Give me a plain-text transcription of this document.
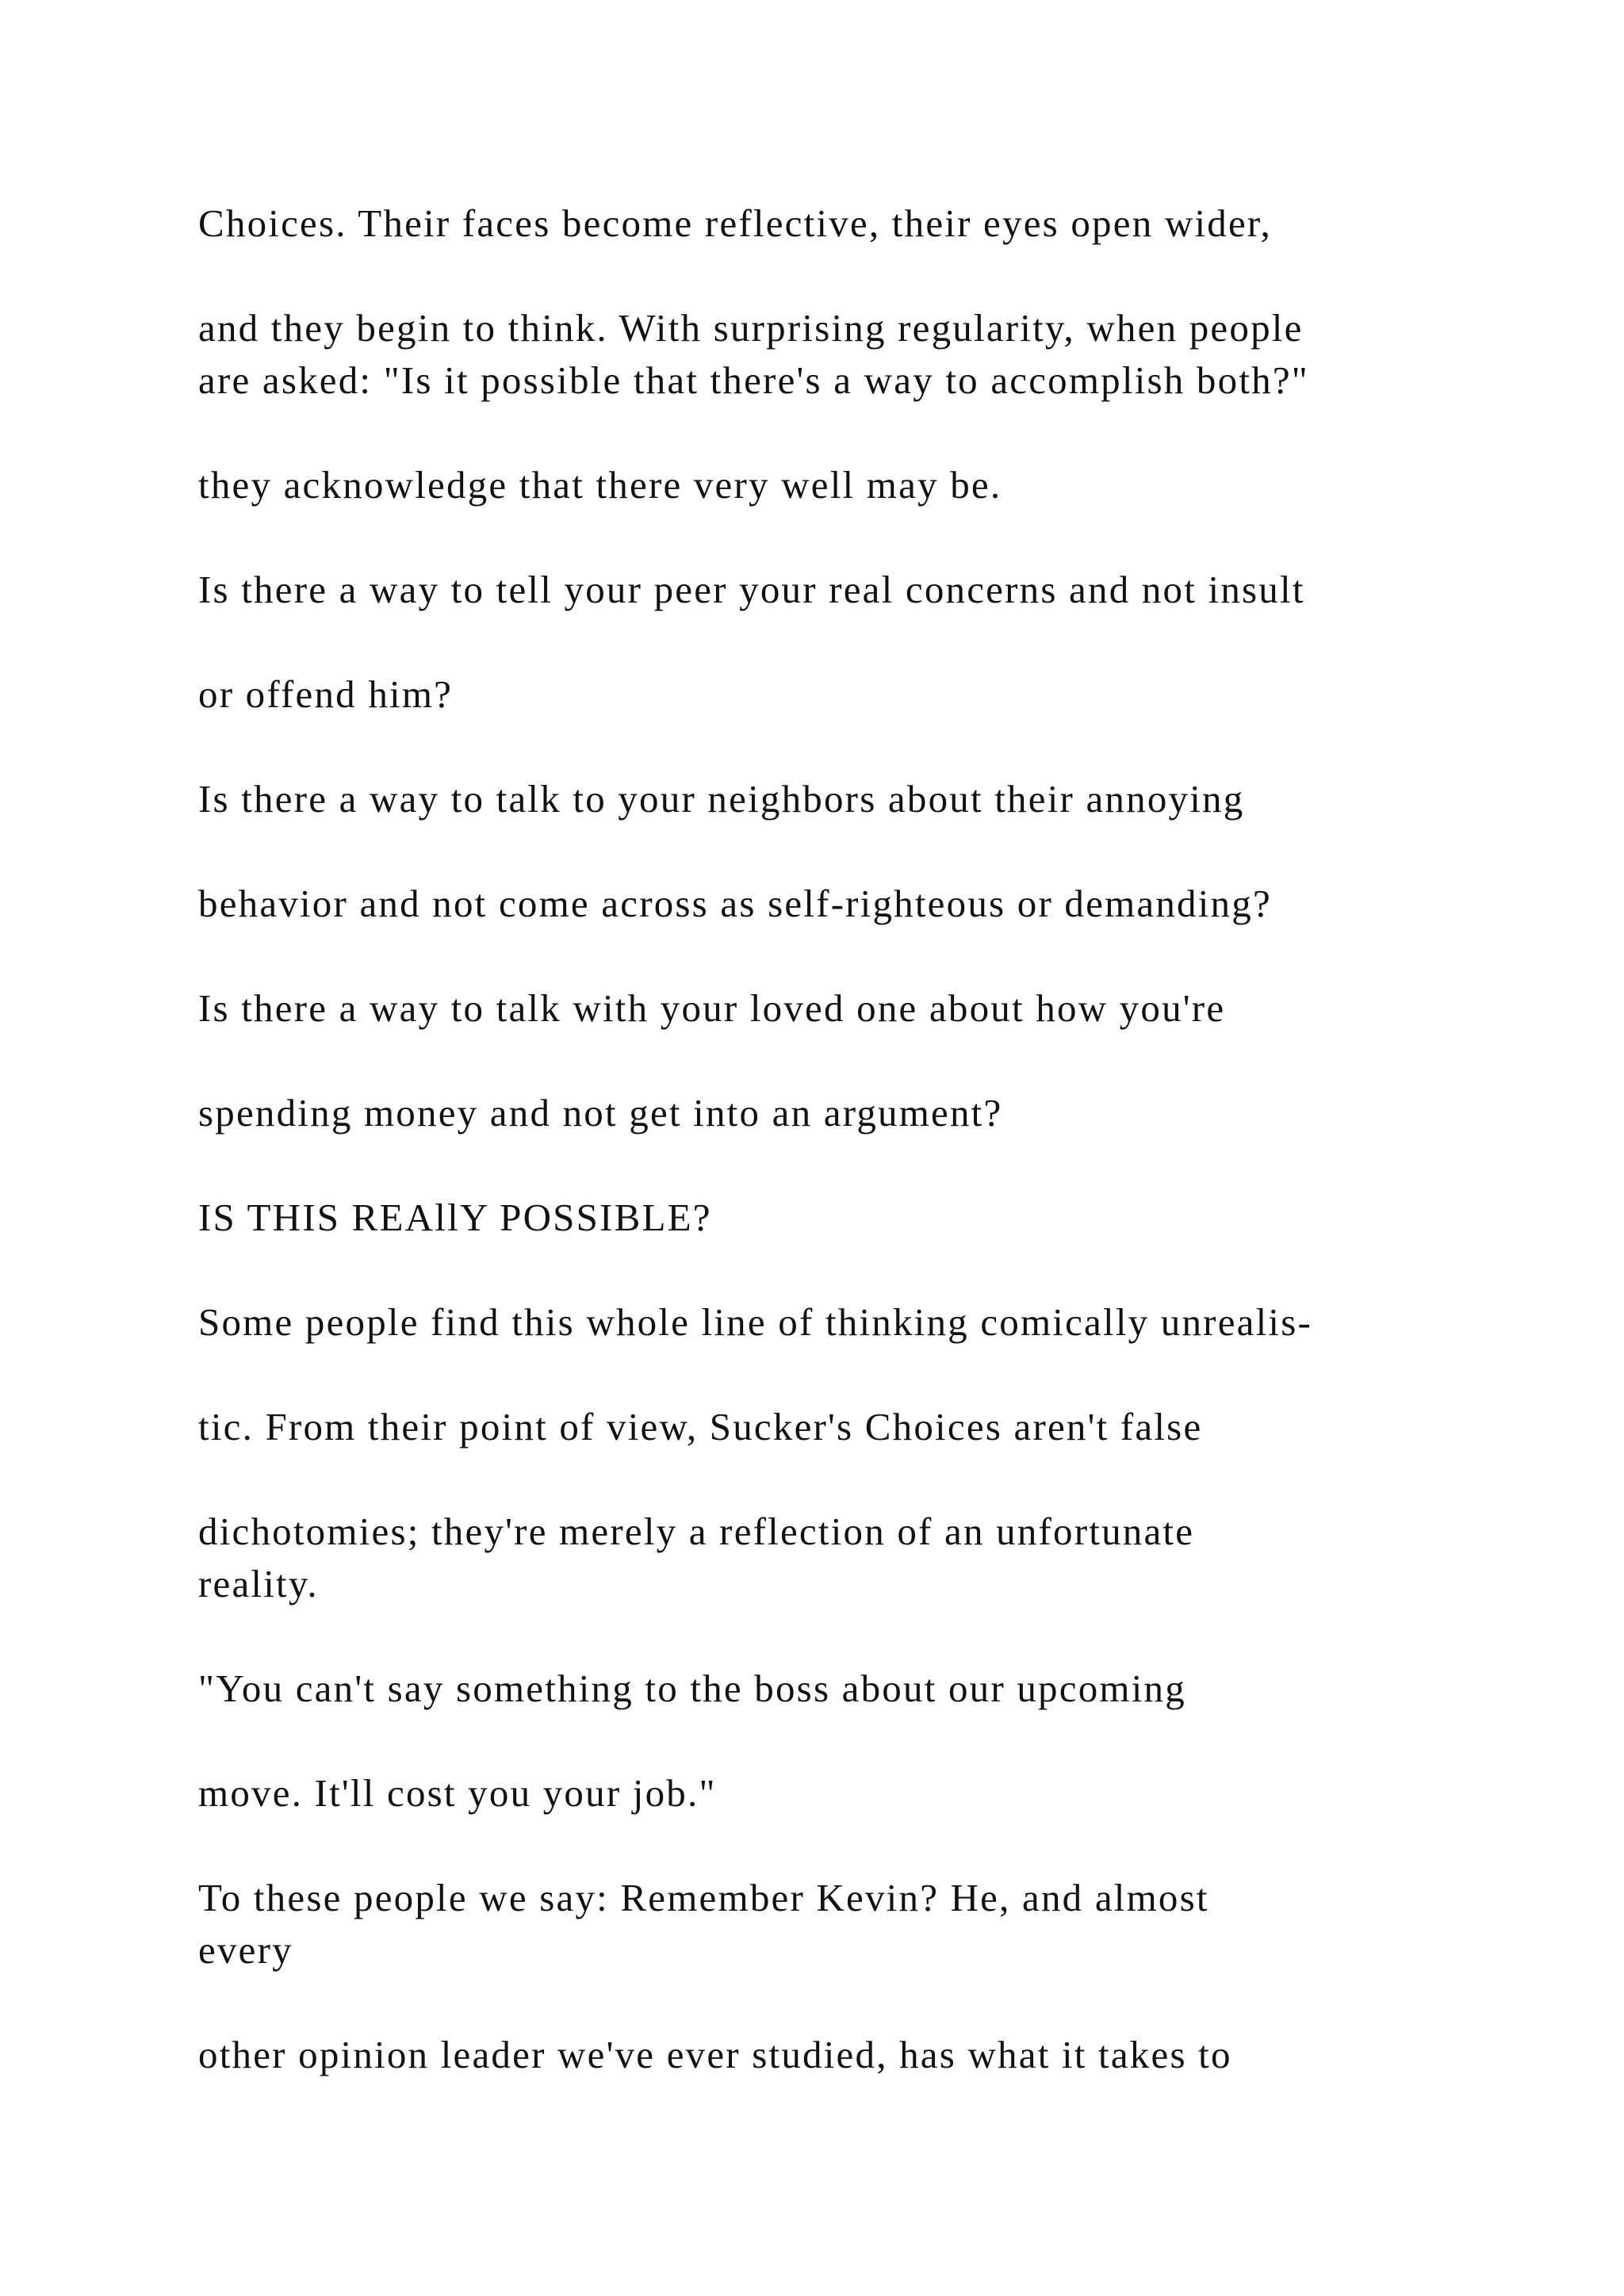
Choices. Their faces become reflective, their eyes open wider,

and they begin to think. With surprising regularity, when people

are asked: "Is it possible that there's a way to accomplish both?"

they acknowledge that there very well may be.

Is there a way to tell your peer your real concerns and not insult

or offend him?

Is there a way to talk to your neighbors about their annoying

behavior and not come across as self-righteous or demanding?

Is there a way to talk with your loved one about how you're

spending money and not get into an argument?

IS THIS REAllY POSSIBLE?

Some people find this whole line of thinking comically unrealis-

tic. From their point of view, Sucker's Choices aren't false

dichotomies; they're merely a reflection of an unfortunate

reality.

"You can't say something to the boss about our upcoming

move. It'll cost you your job."

To these people we say: Remember Kevin? He, and almost

every

other opinion leader we've ever studied, has what it takes to
